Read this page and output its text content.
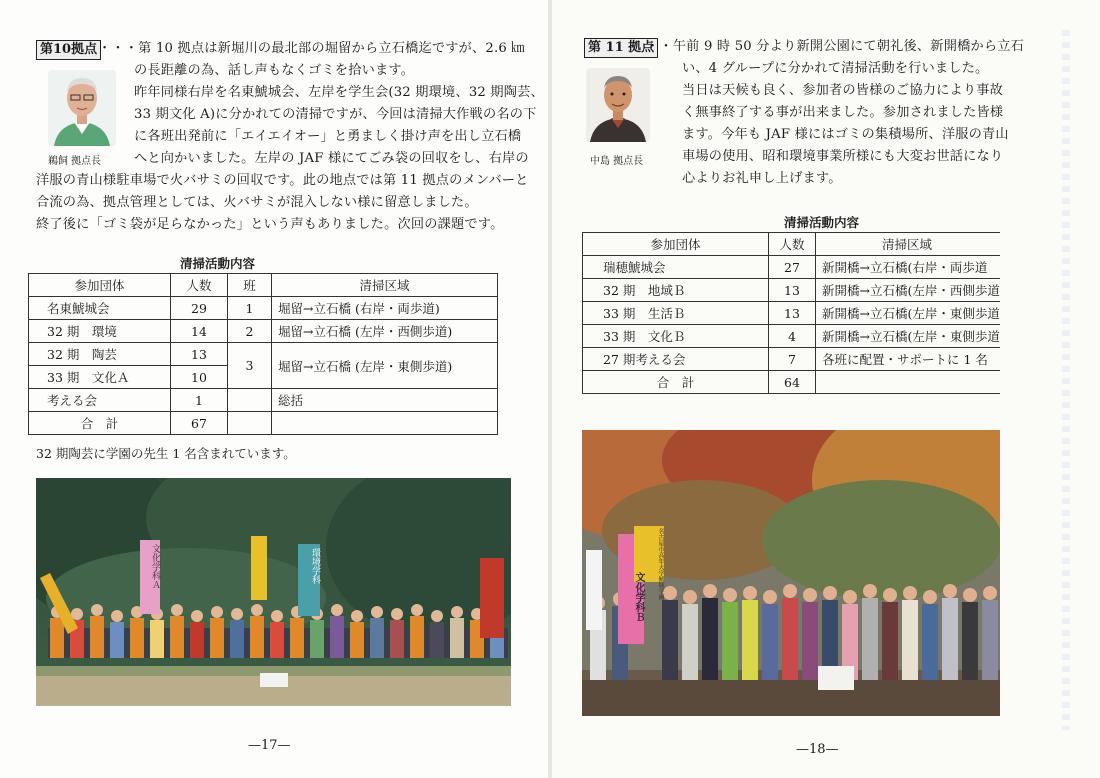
第10拠点 ・・・第 10 拠点は新堀川の最北部の堀留から立石橋迄ですが、2.6 ㎞
の長距離の為、話し声もなくゴミを拾います。
昨年同様右岸を名東鯱城会、左岸を学生会(32 期環境、32 期陶芸、
33 期文化 A)に分かれての清掃ですが、今回は清掃大作戦の名の下
に各班出発前に「エイエイオー」と勇ましく掛け声を出し立石橋
へと向かいました。左岸の JAF 様にてごみ袋の回収をし、右岸の
洋服の青山様駐車場で火バサミの回収です。此の地点では第 11 拠点のメンバーと
合流の為、拠点管理としては、火バサミが混入しない様に留意しました。
終了後に「ゴミ袋が足らなかった」という声もありました。次回の課題です。
鵜飼 拠点長
清掃活動内容
参加団体	人数	班	清掃区域
名東鯱城会	29	1	堀留→立石橋 (右岸・両歩道)
32 期　環境	14	2	堀留→立石橋 (左岸・西側歩道)
32 期　陶芸	13	3	堀留→立石橋 (左岸・東側歩道)
33 期　文化Ａ	10		
考える会	1		総括
合　計	67		
32 期陶芸に学園の先生 1 名含まれています。
文化学科Ａ	環境学科
—17—
第 11 拠点
・・午前 9 時 50 分より新開公園にて朝礼後、新開橋から立石
い、4 グループに分かれて清掃活動を行いました。
当日は天候も良く、参加者の皆様のご協力により事故
く無事終了する事が出来ました。参加されました皆様
ます。今年も JAF 様にはゴミの集積場所、洋服の青山
車場の使用、昭和環境事業所様にも大変お世話になり
心よりお礼申し上げます。
中島 拠点長
清掃活動内容
参加団体	人数	清掃区域
瑞穂鯱城会	27	新開橋→立石橋(右岸・両歩道
32 期　地域Ｂ	13	新開橋→立石橋(左岸・西側歩道
33 期　生活Ｂ	13	新開橋→立石橋(左岸・東側歩道
33 期　文化Ｂ	4	新開橋→立石橋(左岸・東側歩道
27 期考える会	7	各班に配置・サポートに 1 名
合　計	64	
文化学科Ｂ	名古屋市高年大学鯱城学園
—18—
